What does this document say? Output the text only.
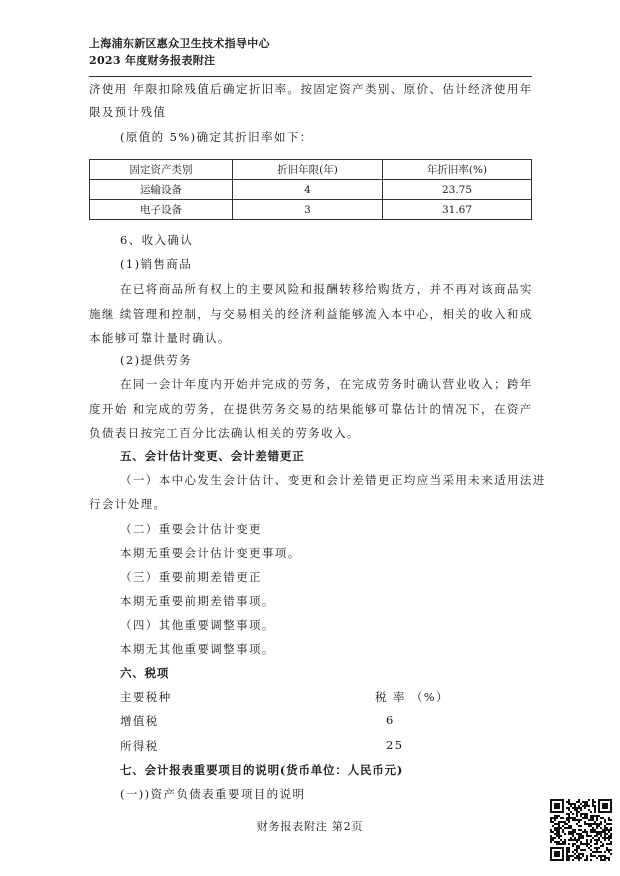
上海浦东新区惠众卫生技术指导中心
2023 年度财务报表附注
济使用 年限扣除残值后确定折旧率。按固定资产类别、原价、估计经济使用年
限及预计残值
(原值的 5%)确定其折旧率如下：
固定资产类别	折旧年限(年)	年折旧率(%)
运输设备	4	23.75
电子设备	3	31.67
6、收入确认
(1)销售商品
在已将商品所有权上的主要风险和报酬转移给购货方，并不再对该商品实
施继 续管理和控制，与交易相关的经济利益能够流入本中心，相关的收入和成
本能够可靠计量时确认。
(2)提供劳务
在同一会计年度内开始并完成的劳务，在完成劳务时确认营业收入；跨年
度开始 和完成的劳务，在提供劳务交易的结果能够可靠估计的情况下，在资产
负债表日按完工百分比法确认相关的劳务收入。
五、会计估计变更、会计差错更正
（一）本中心发生会计估计、变更和会计差错更正均应当采用未来适用法进
行会计处理。
（二）重要会计估计变更
本期无重要会计估计变更事项。
（三）重要前期差错更正
本期无重要前期差错事项。
（四）其他重要调整事项。
本期无其他重要调整事项。
六、税项
主要税种	税 率 （%）
增值税	6
所得税	25
七、会计报表重要项目的说明(货币单位：人民币元)
(一))资产负债表重要项目的说明
财务报表附注 第2页
